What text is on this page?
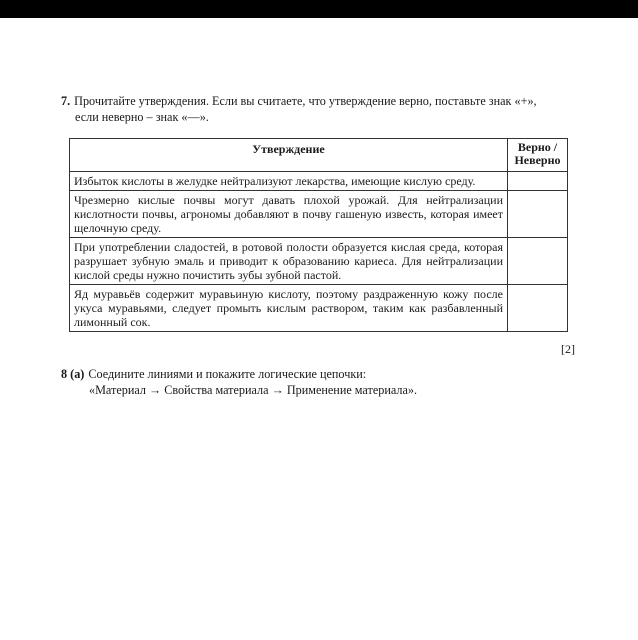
7. Прочитайте утверждения. Если вы считаете, что утверждение верно, поставьте знак «+»,
если неверно – знак «—».
Утверждение	Верно /
Неверно

Избыток кислоты в желудке нейтрализуют лекарства, имеющие кислую среду.	
Чрезмерно кислые почвы могут давать плохой урожай. Для нейтрализации кислотности почвы, агрономы добавляют в почву гашеную известь, которая имеет щелочную среду.	
При употреблении сладостей, в ротовой полости образуется кислая среда, которая разрушает зубную эмаль и приводит к образованию кариеса. Для нейтрализации кислой среды нужно почистить зубы зубной пастой.	
Яд муравьёв содержит муравьиную кислоту, поэтому раздраженную кожу после укуса муравьями, следует промыть кислым раствором, таким как разбавленный лимонный сок.	
[2]
8 (а) Соедините линиями и покажите логические цепочки:
«Материал → Свойства материала → Применение материала».
